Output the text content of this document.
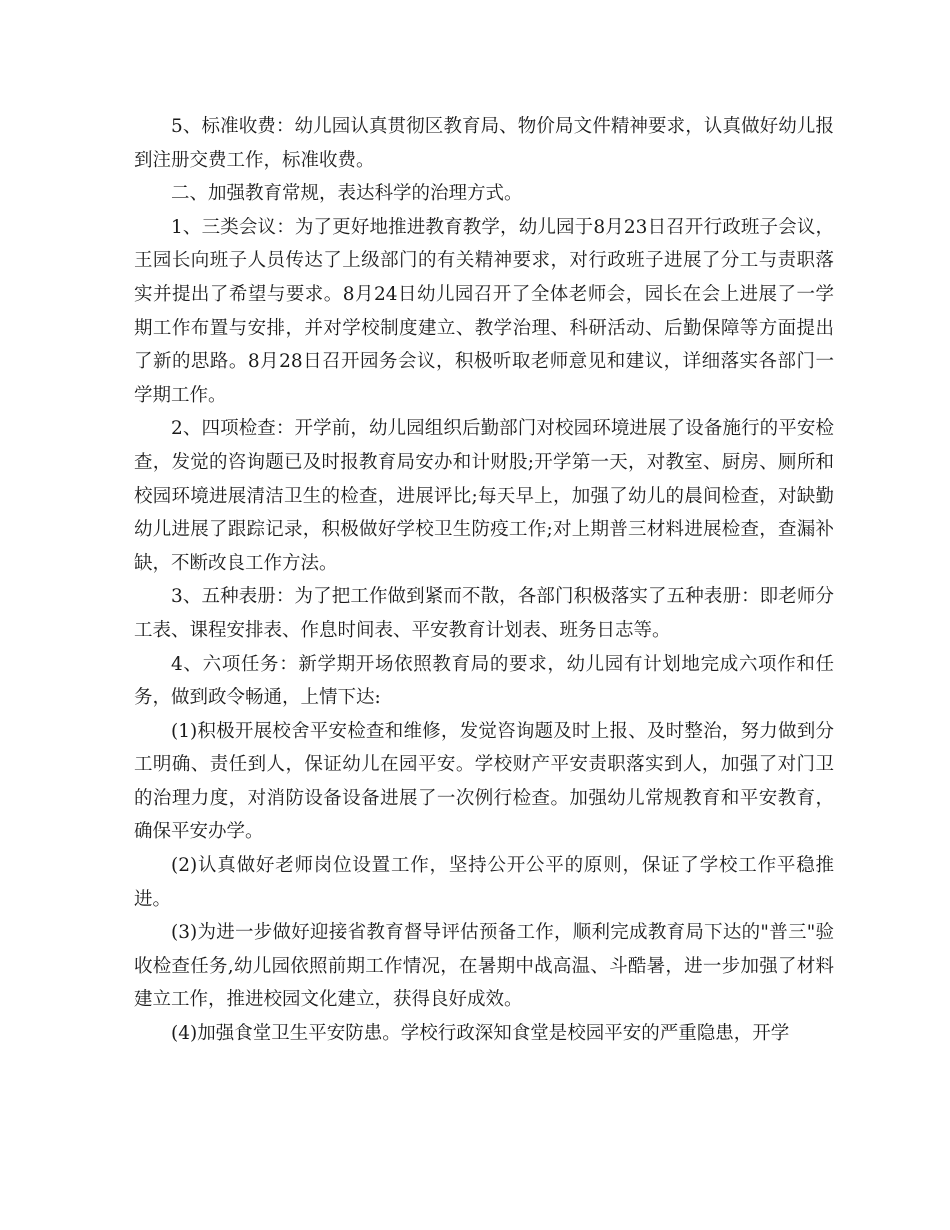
5、标准收费：幼儿园认真贯彻区教育局、物价局文件精神要求，认真做好幼儿报到注册交费工作，标准收费。

二、加强教育常规，表达科学的治理方式。

1、三类会议：为了更好地推进教育教学，幼儿园于8月23日召开行政班子会议，王园长向班子人员传达了上级部门的有关精神要求，对行政班子进展了分工与责职落实并提出了希望与要求。8月24日幼儿园召开了全体老师会，园长在会上进展了一学期工作布置与安排，并对学校制度建立、教学治理、科研活动、后勤保障等方面提出了新的思路。8月28日召开园务会议，积极听取老师意见和建议，详细落实各部门一学期工作。

2、四项检查：开学前，幼儿园组织后勤部门对校园环境进展了设备施行的平安检查，发觉的咨询题已及时报教育局安办和计财股;开学第一天，对教室、厨房、厕所和校园环境进展清洁卫生的检查，进展评比;每天早上，加强了幼儿的晨间检查，对缺勤幼儿进展了跟踪记录，积极做好学校卫生防疫工作;对上期普三材料进展检查，查漏补缺，不断改良工作方法。

3、五种表册：为了把工作做到紧而不散，各部门积极落实了五种表册：即老师分工表、课程安排表、作息时间表、平安教育计划表、班务日志等。

4、六项任务：新学期开场依照教育局的要求，幼儿园有计划地完成六项作和任务，做到政令畅通，上情下达:

(1)积极开展校舍平安检查和维修，发觉咨询题及时上报、及时整治，努力做到分工明确、责任到人，保证幼儿在园平安。学校财产平安责职落实到人，加强了对门卫的治理力度，对消防设备设备进展了一次例行检查。加强幼儿常规教育和平安教育，确保平安办学。

(2)认真做好老师岗位设置工作，坚持公开公平的原则，保证了学校工作平稳推进。

(3)为进一步做好迎接省教育督导评估预备工作，顺利完成教育局下达的"普三"验收检查任务,幼儿园依照前期工作情况，在暑期中战高温、斗酷暑，进一步加强了材料建立工作，推进校园文化建立，获得良好成效。

(4)加强食堂卫生平安防患。学校行政深知食堂是校园平安的严重隐患，开学
